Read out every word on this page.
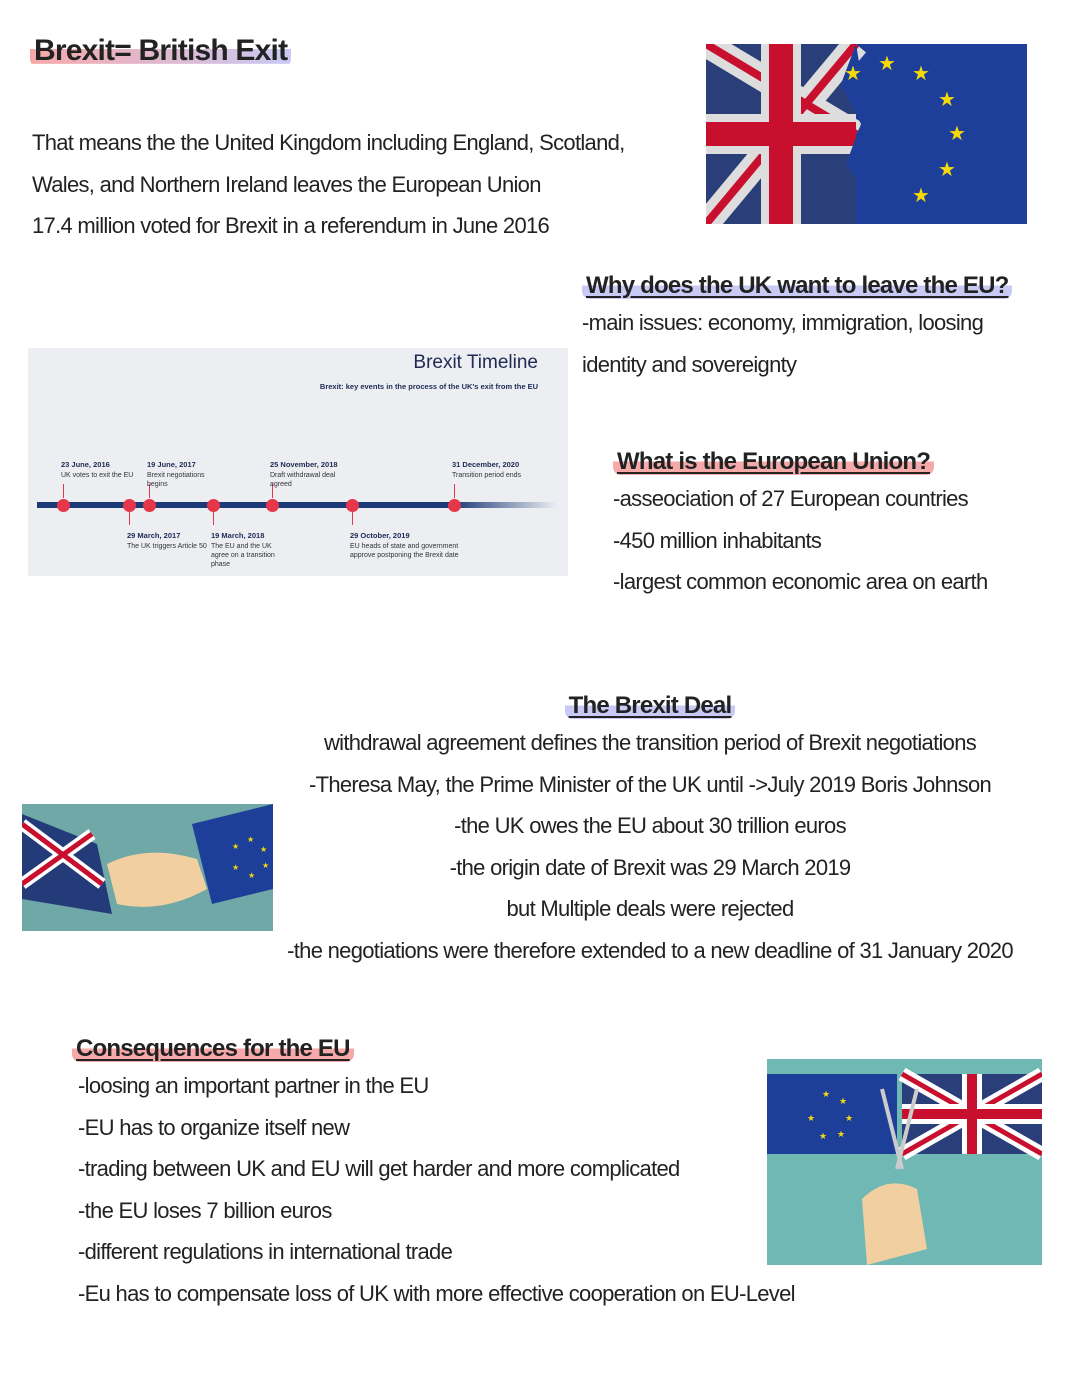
Brexit= British Exit
That means the the United Kingdom including England, Scotland,
Wales, and Northern Ireland leaves the European Union
17.4 million voted for Brexit in a referendum in June 2016
★ ★ ★
★
★
★
★
Why does the UK want to leave the EU?
-main issues: economy, immigration, loosing
identity and sovereignty
Brexit Timeline
Brexit: key events in the process of the UK's exit from the EU
23 June, 2016
UK votes to exit the EU
29 March, 2017
The UK triggers Article 50
19 June, 2017
Brexit negotiations begins
19 March, 2018
The EU and the UK agree on a transition phase
25 November, 2018
Draft withdrawal deal agreed
29 October, 2019
EU heads of state and government approve postponing the Brexit date
31 December, 2020
Transition period ends
What is the European Union?
-asseociation of 27 European countries
-450 million inhabitants
-largest common economic area on earth
The Brexit Deal
withdrawal agreement defines the transition period of Brexit negotiations
-Theresa May, the Prime Minister of the UK until ->July 2019 Boris Johnson
-the UK owes the EU about 30 trillion euros
-the origin date of Brexit was 29 March 2019
but Multiple deals were rejected
-the negotiations were therefore extended to a new deadline of 31 January 2020
★
★
★
★
★
★
Consequences for the EU
-loosing an important partner in the EU
-EU has to organize itself new
-trading between UK and EU will get harder and more complicated
-the EU loses 7 billion euros
-different regulations in international trade
-Eu has to compensate loss of UK with more effective cooperation on EU-Level
★
★
★
★
★
★
